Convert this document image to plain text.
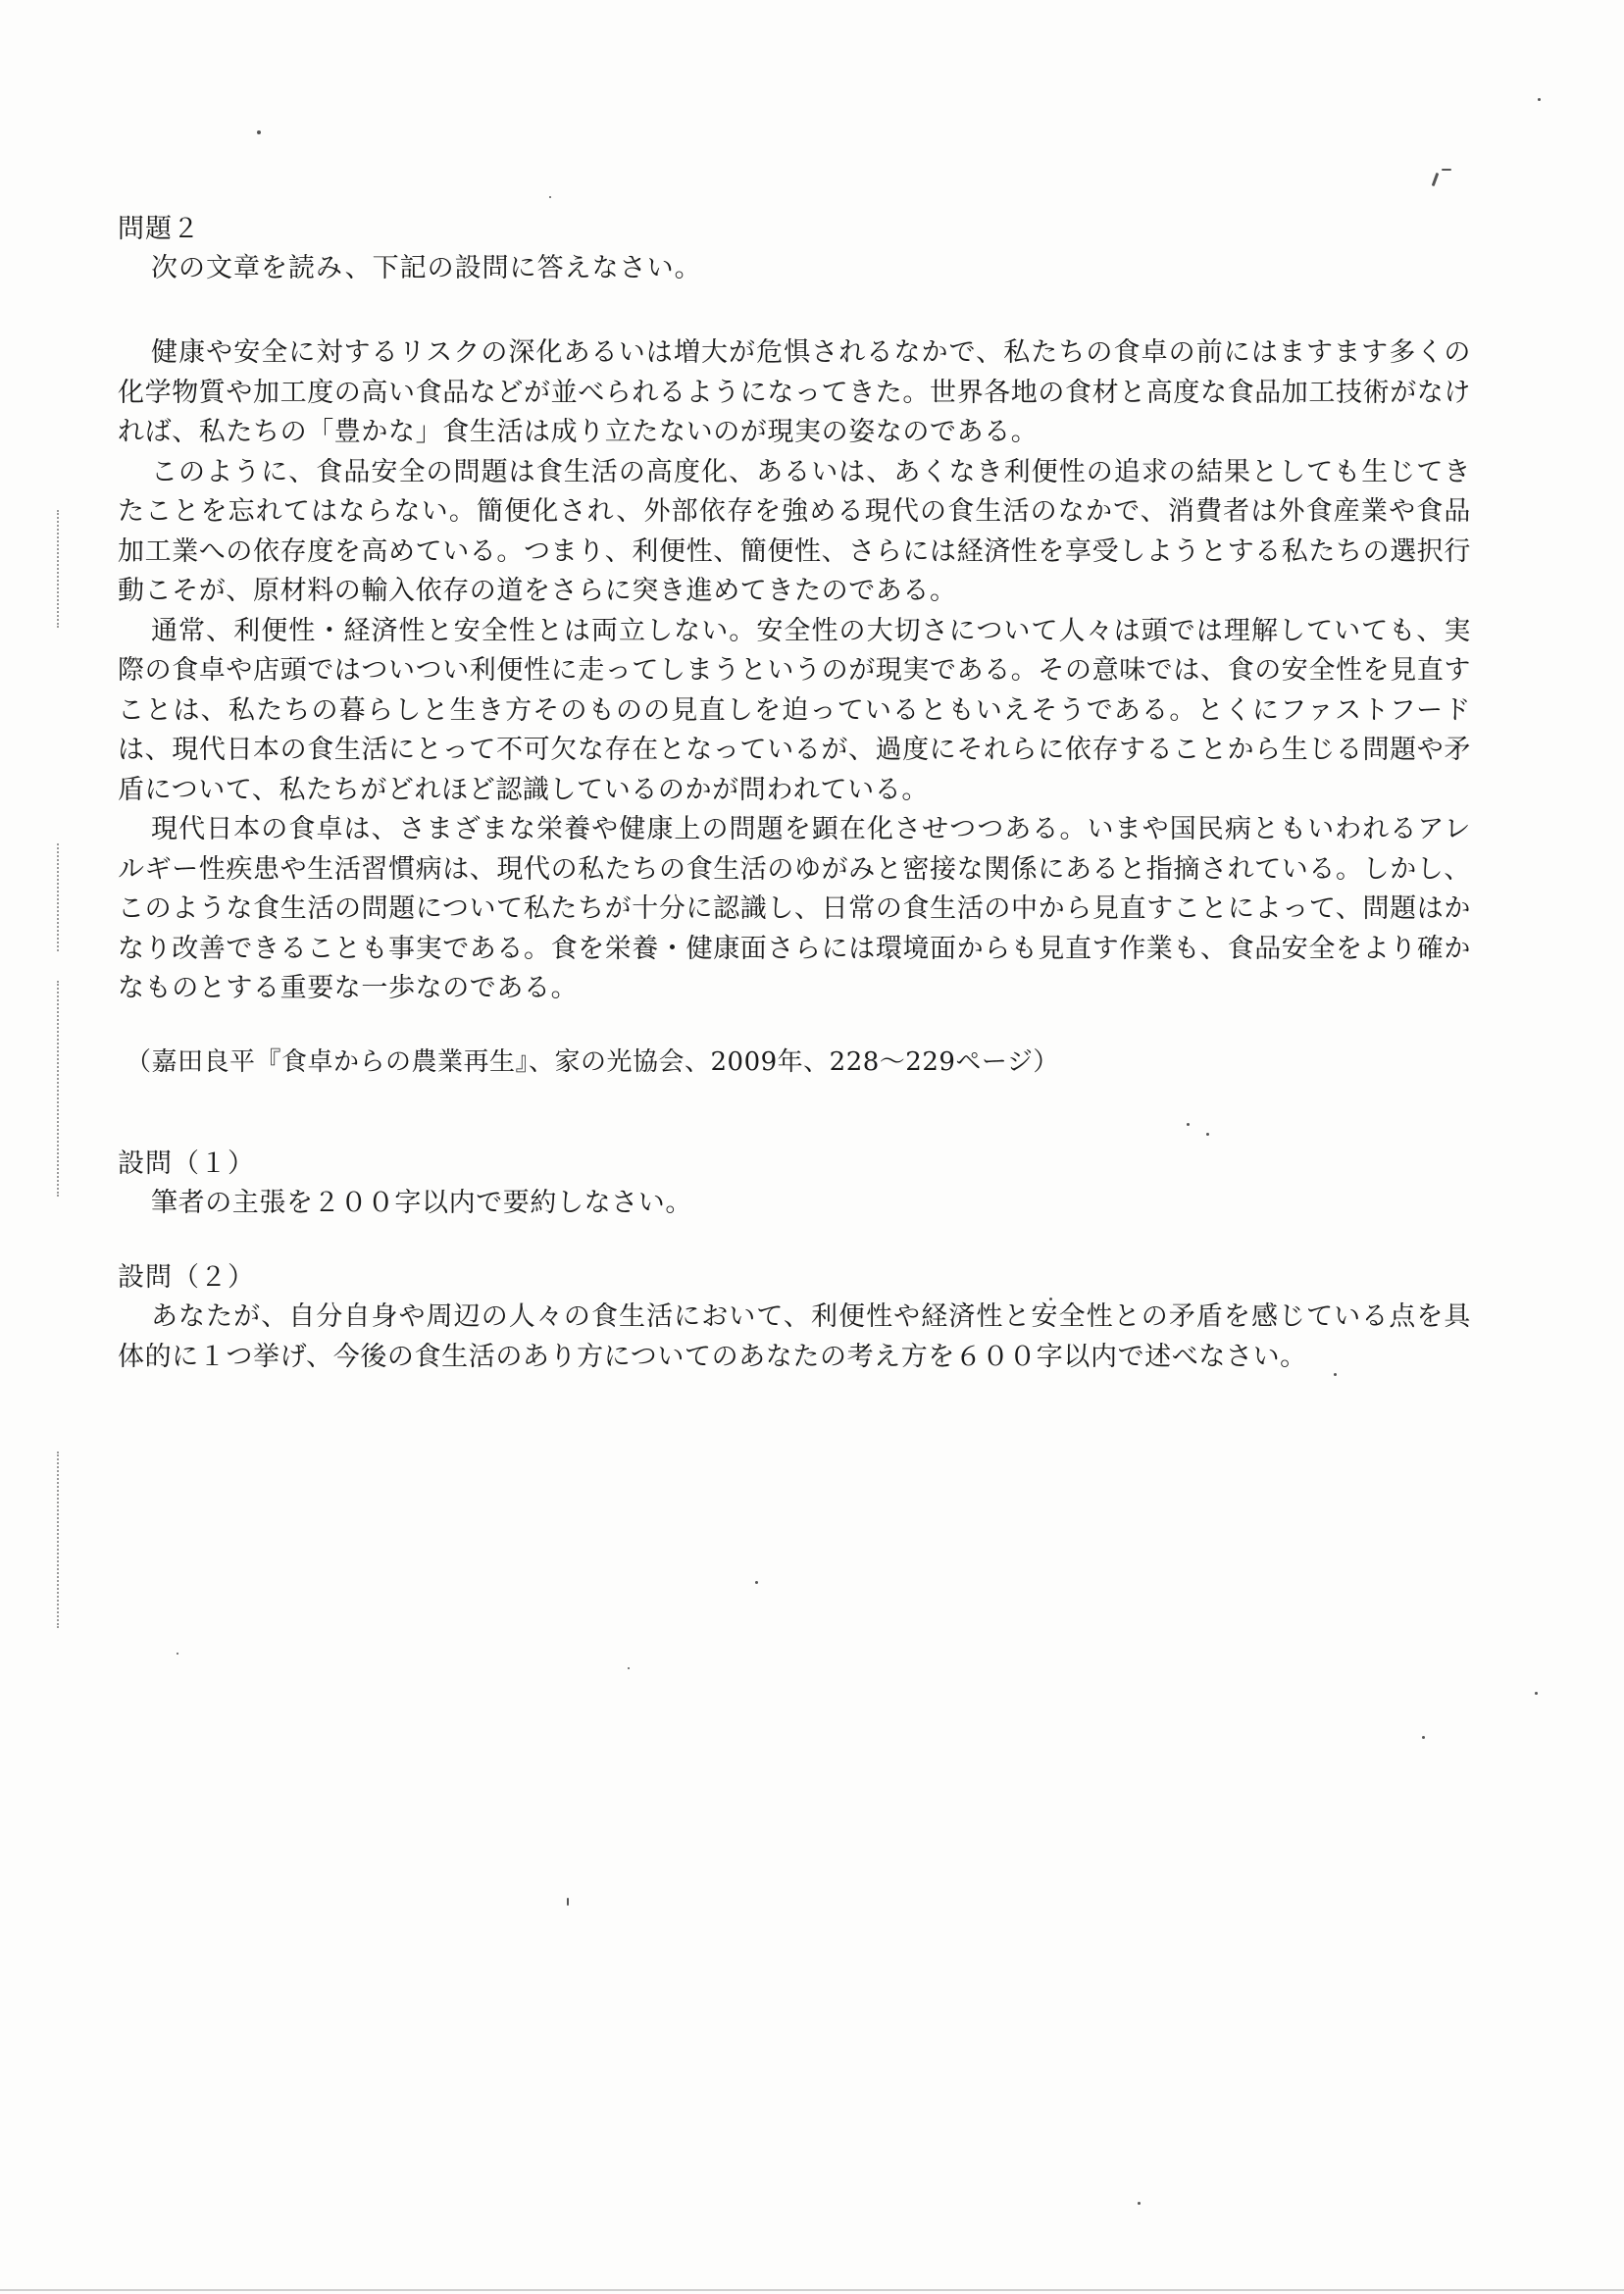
問題２

次の文章を読み、下記の設問に答えなさい。

健康や安全に対するリスクの深化あるいは増大が危惧されるなかで、私たちの食卓の前にはますます多くの化学物質や加工度の高い食品などが並べられるようになってきた。世界各地の食材と高度な食品加工技術がなければ、私たちの「豊かな」食生活は成り立たないのが現実の姿なのである。

このように、食品安全の問題は食生活の高度化、あるいは、あくなき利便性の追求の結果としても生じてきたことを忘れてはならない。簡便化され、外部依存を強める現代の食生活のなかで、消費者は外食産業や食品加工業への依存度を高めている。つまり、利便性、簡便性、さらには経済性を享受しようとする私たちの選択行動こそが、原材料の輸入依存の道をさらに突き進めてきたのである。

通常、利便性・経済性と安全性とは両立しない。安全性の大切さについて人々は頭では理解していても、実際の食卓や店頭ではついつい利便性に走ってしまうというのが現実である。その意味では、食の安全性を見直すことは、私たちの暮らしと生き方そのものの見直しを迫っているともいえそうである。とくにファストフードは、現代日本の食生活にとって不可欠な存在となっているが、過度にそれらに依存することから生じる問題や矛盾について、私たちがどれほど認識しているのかが問われている。

現代日本の食卓は、さまざまな栄養や健康上の問題を顕在化させつつある。いまや国民病ともいわれるアレルギー性疾患や生活習慣病は、現代の私たちの食生活のゆがみと密接な関係にあると指摘されている。しかし、このような食生活の問題について私たちが十分に認識し、日常の食生活の中から見直すことによって、問題はかなり改善できることも事実である。食を栄養・健康面さらには環境面からも見直す作業も、食品安全をより確かなものとする重要な一歩なのである。

（嘉田良平『食卓からの農業再生』、家の光協会、2009年、228～229ページ）

設問（１）

筆者の主張を２００字以内で要約しなさい。

設問（２）

あなたが、自分自身や周辺の人々の食生活において、利便性や経済性と安全性との矛盾を感じている点を具体的に１つ挙げ、今後の食生活のあり方についてのあなたの考え方を６００字以内で述べなさい。
